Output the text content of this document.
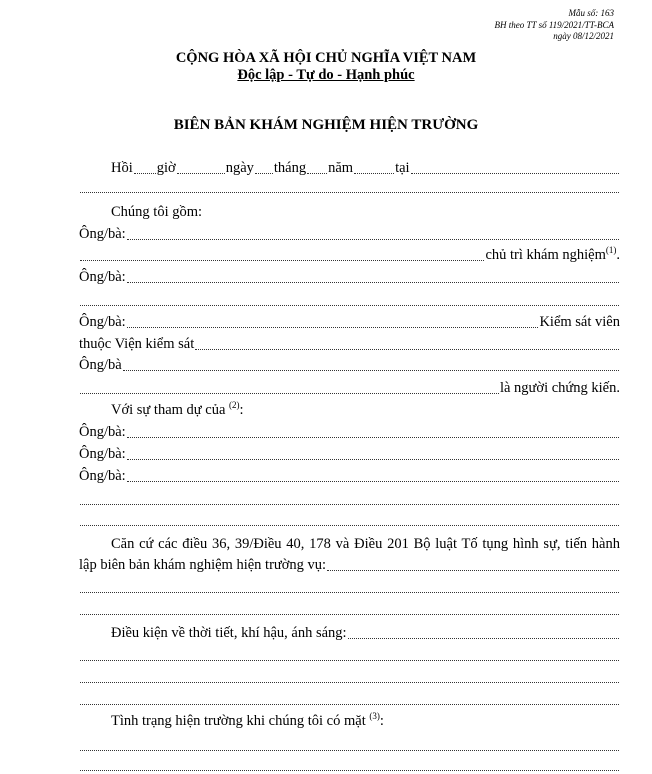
Mẫu số: 163
BH theo TT số 119/2021/TT-BCA
ngày 08/12/2021
CỘNG HÒA XÃ HỘI CHỦ NGHĨA VIỆT NAM
Độc lập - Tự do - Hạnh phúc
BIÊN BẢN KHÁM NGHIỆM HIỆN TRƯỜNG
Hồi giờ	ngày tháng năm	tại
Chúng tôi gồm:
Ông/bà:
chủ trì khám nghiệm$^{(1)}$.
Ông/bà:
Ông/bà:	Kiểm sát viên
thuộc Viện kiểm sát
Ông/bà
là người chứng kiến.
Với sự tham dự của $^{(2)}$:
Ông/bà:
Ông/bà:
Ông/bà:
Căn cứ các điều 36, 39/Điều 40, 178 và Điều 201 Bộ luật Tố tụng hình sự, tiến hành
lập biên bản khám nghiệm hiện trường vụ:
Điều kiện về thời tiết, khí hậu, ánh sáng:
Tình trạng hiện trường khi chúng tôi có mặt $^{(3)}$:
